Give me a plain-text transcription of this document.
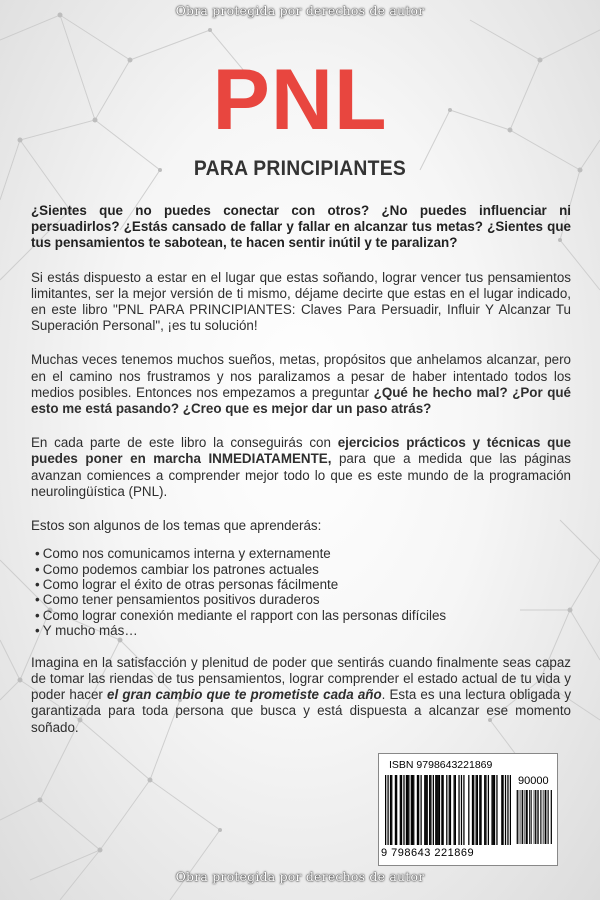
Obra protegida por derechos de autor
PNL
PARA PRINCIPIANTES

¿Sientes que no puedes conectar con otros? ¿No puedes influenciar ni persuadirlos? ¿Estás cansado de fallar y fallar en alcanzar tus metas? ¿Sientes que tus pensamientos te sabotean, te hacen sentir inútil y te paralizan?

Si estás dispuesto a estar en el lugar que estas soñando, lograr vencer tus pensamientos limitantes, ser la mejor versión de ti mismo, déjame decirte que estas en el lugar indicado, en este libro "PNL PARA PRINCIPIANTES: Claves Para Persuadir, Influir Y Alcanzar Tu Superación Personal", ¡es tu solución!

Muchas veces tenemos muchos sueños, metas, propósitos que anhelamos alcanzar, pero en el camino nos frustramos y nos paralizamos a pesar de haber intentado todos los medios posibles. Entonces nos empezamos a preguntar ¿Qué he hecho mal? ¿Por qué esto me está pasando? ¿Creo que es mejor dar un paso atrás?

En cada parte de este libro la conseguirás con ejercicios prácticos y técnicas que puedes poner en marcha INMEDIATAMENTE, para que a medida que las páginas avanzan comiences a comprender mejor todo lo que es este mundo de la programación neurolingüística (PNL).

Estos son algunos de los temas que aprenderás:

• Como nos comunicamos interna y externamente
• Como podemos cambiar los patrones actuales
• Como lograr el éxito de otras personas fácilmente
• Como tener pensamientos positivos duraderos
• Como lograr conexión mediante el rapport con las personas difíciles
• Y mucho más…

Imagina en la satisfacción y plenitud de poder que sentirás cuando finalmente seas capaz de tomar las riendas de tus pensamientos, lograr comprender el estado actual de tu vida y poder hacer el gran cambio que te prometiste cada año. Esta es una lectura obligada y garantizada para toda persona que busca y está dispuesta a alcanzar ese momento soñado.

ISBN 9798643221869
90000
9 798643 221869
Obra protegida por derechos de autor
